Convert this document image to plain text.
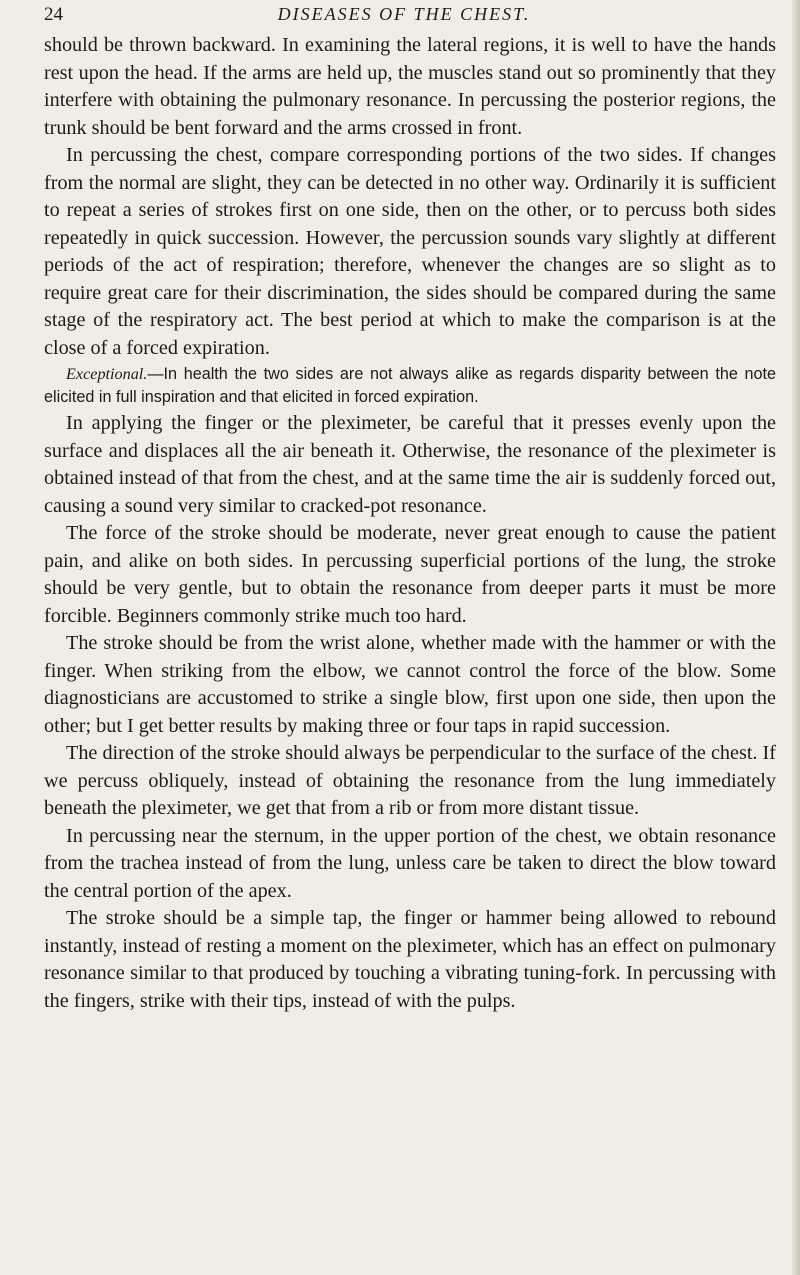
24	DISEASES OF THE CHEST.

should be thrown backward. In examining the lateral regions, it is well to have the hands rest upon the head. If the arms are held up, the muscles stand out so prominently that they interfere with obtaining the pulmonary resonance. In percussing the posterior regions, the trunk should be bent forward and the arms crossed in front.

In percussing the chest, compare corresponding portions of the two sides. If changes from the normal are slight, they can be detected in no other way. Ordinarily it is sufficient to repeat a series of strokes first on one side, then on the other, or to percuss both sides repeatedly in quick succession. However, the percussion sounds vary slightly at different periods of the act of respiration; therefore, whenever the changes are so slight as to require great care for their discrimination, the sides should be compared during the same stage of the respiratory act. The best period at which to make the comparison is at the close of a forced expiration.

Exceptional.—In health the two sides are not always alike as regards disparity between the note elicited in full inspiration and that elicited in forced expiration.

In applying the finger or the pleximeter, be careful that it presses evenly upon the surface and displaces all the air beneath it. Otherwise, the resonance of the pleximeter is obtained instead of that from the chest, and at the same time the air is suddenly forced out, causing a sound very similar to cracked-pot resonance.

The force of the stroke should be moderate, never great enough to cause the patient pain, and alike on both sides. In percussing superficial portions of the lung, the stroke should be very gentle, but to obtain the resonance from deeper parts it must be more forcible. Beginners commonly strike much too hard.

The stroke should be from the wrist alone, whether made with the hammer or with the finger. When striking from the elbow, we cannot control the force of the blow. Some diagnosticians are accustomed to strike a single blow, first upon one side, then upon the other; but I get better results by making three or four taps in rapid succession.

The direction of the stroke should always be perpendicular to the surface of the chest. If we percuss obliquely, instead of obtaining the resonance from the lung immediately beneath the pleximeter, we get that from a rib or from more distant tissue.

In percussing near the sternum, in the upper portion of the chest, we obtain resonance from the trachea instead of from the lung, unless care be taken to direct the blow toward the central portion of the apex.

The stroke should be a simple tap, the finger or hammer being allowed to rebound instantly, instead of resting a moment on the pleximeter, which has an effect on pulmonary resonance similar to that produced by touching a vibrating tuning-fork. In percussing with the fingers, strike with their tips, instead of with the pulps.
